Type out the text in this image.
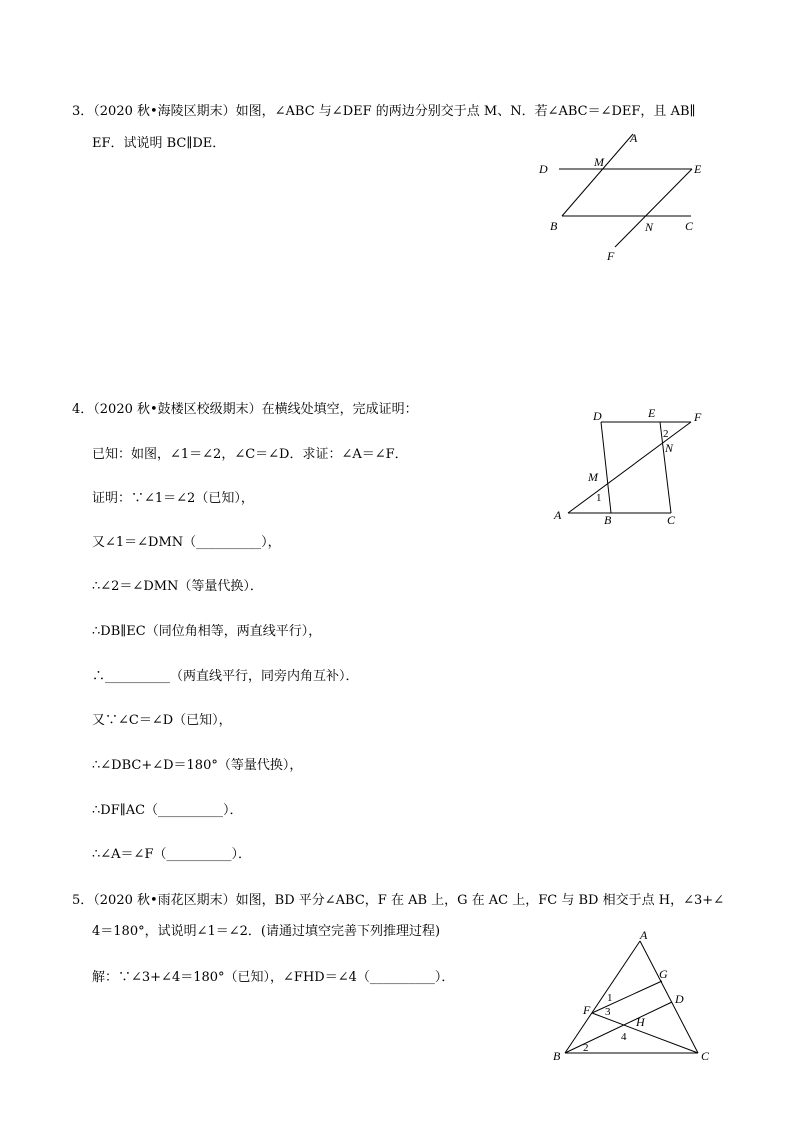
3．（2020 秋•海陵区期末）如图，∠ABC 与∠DEF 的两边分别交于点 M、N．若∠ABC＝∠DEF，且 AB∥
EF．试说明 BC∥DE．	A
D	M	E
B	N	C
F
4．（2020 秋•鼓楼区校级期末）在横线处填空，完成证明：
已知：如图，∠1＝∠2，∠C＝∠D．求证：∠A＝∠F．
证明：∵∠1＝∠2（已知），
又∠1＝∠DMN（__________），
∴∠2＝∠DMN（等量代换）．
∴DB∥EC（同位角相等，两直线平行），
∴__________（两直线平行，同旁内角互补）．
又∵∠C＝∠D（已知），
∴∠DBC+∠D＝180°（等量代换），
∴DF∥AC（__________）．
∴∠A＝∠F（__________）．
D	E	F
2
N
M
1
A	B	C
5．（2020 秋•雨花区期末）如图，BD 平分∠ABC，F 在 AB 上，G 在 AC 上，FC 与 BD 相交于点 H，∠3+∠
4＝180°，试说明∠1＝∠2．(请通过填空完善下列推理过程)
解：∵∠3+∠4＝180°（已知），∠FHD＝∠4（__________）．
A
G
D
F
1
3
H
4
B
2
C
